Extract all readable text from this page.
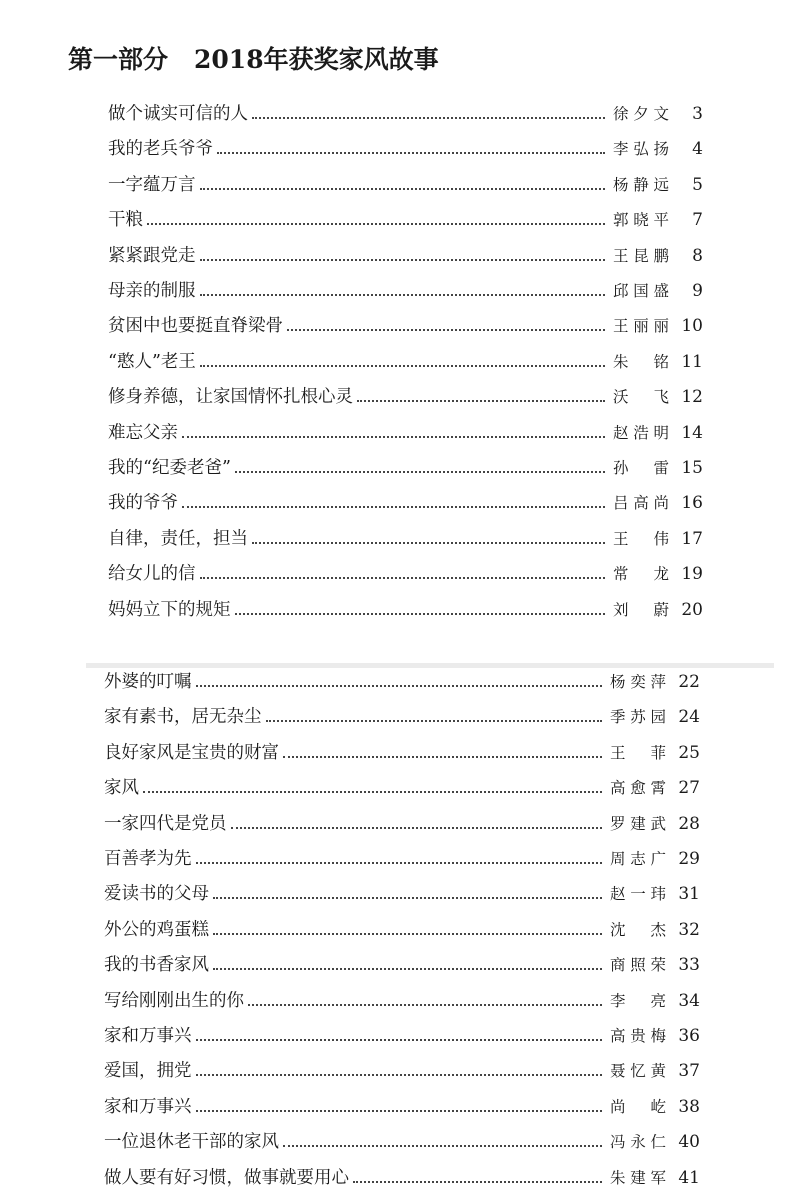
第一部分 2018年获奖家风故事
做个诚实可信的人	徐夕文	3
我的老兵爷爷	李弘扬	4
一字蕴万言	杨静远	5
干粮	郭晓平	7
紧紧跟党走	王昆鹏	8
母亲的制服	邱国盛	9
贫困中也要挺直脊梁骨	王丽丽 10
“憨人”老王	朱　铭 11
修身养德，让家国情怀扎根心灵	沃　飞 12
难忘父亲	赵浩明 14
我的“纪委老爸”	孙　雷 15
我的爷爷	吕高尚 16
自律，责任，担当	王　伟 17
给女儿的信	常　龙 19
妈妈立下的规矩	刘　蔚 20
外婆的叮嘱	杨奕萍 22
家有素书，居无杂尘	季苏园 24
良好家风是宝贵的财富	王　菲 25
家风	高愈霄 27
一家四代是党员	罗建武 28
百善孝为先	周志广 29
爱读书的父母	赵一玮 31
外公的鸡蛋糕	沈　杰 32
我的书香家风	商照荣 33
写给刚刚出生的你	李　亮 34
家和万事兴	高贵梅 36
爱国，拥党	聂忆黄 37
家和万事兴	尚　屹 38
一位退休老干部的家风	冯永仁 40
做人要有好习惯，做事就要用心	朱建军 41
